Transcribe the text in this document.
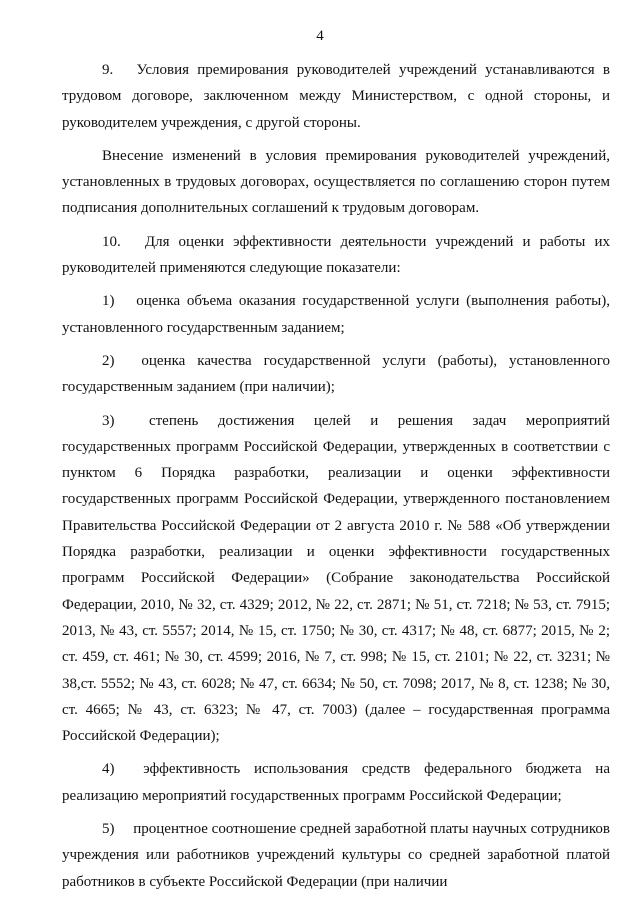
4

9.  Условия премирования руководителей учреждений устанавливаются в трудовом договоре, заключенном между Министерством, с одной стороны, и руководителем учреждения, с другой стороны.

Внесение изменений в условия премирования руководителей учреждений, установленных в трудовых договорах, осуществляется по соглашению сторон путем подписания дополнительных соглашений к трудовым договорам.

10.  Для оценки эффективности деятельности учреждений и работы их руководителей применяются следующие показатели:

1)  оценка объема оказания государственной услуги (выполнения работы), установленного государственным заданием;

2)  оценка качества государственной услуги (работы), установленного государственным заданием (при наличии);

3)  степень достижения целей и решения задач мероприятий государственных программ Российской Федерации, утвержденных в соответствии с пунктом 6 Порядка разработки, реализации и оценки эффективности государственных программ Российской Федерации, утвержденного постановлением Правительства Российской Федерации от 2 августа 2010 г. № 588 «Об утверждении Порядка разработки, реализации и оценки эффективности государственных программ Российской Федерации» (Собрание законодательства Российской Федерации, 2010, № 32, ст. 4329; 2012, № 22, ст. 2871; № 51, ст. 7218; № 53, ст. 7915; 2013, № 43, ст. 5557; 2014, № 15, ст. 1750; № 30, ст. 4317; № 48, ст. 6877; 2015, № 2; ст. 459, ст. 461; № 30, ст. 4599; 2016, № 7, ст. 998; № 15, ст. 2101; № 22, ст. 3231; № 38,ст. 5552; № 43, ст. 6028; № 47, ст. 6634; № 50, ст. 7098; 2017, № 8, ст. 1238; № 30, ст. 4665; № 43, ст. 6323; № 47, ст. 7003) (далее – государственная программа Российской Федерации);

4)  эффективность использования средств федерального бюджета на реализацию мероприятий государственных программ Российской Федерации;

5)  процентное соотношение средней заработной платы научных сотрудников учреждения или работников учреждений культуры со средней заработной платой работников в субъекте Российской Федерации (при наличии
